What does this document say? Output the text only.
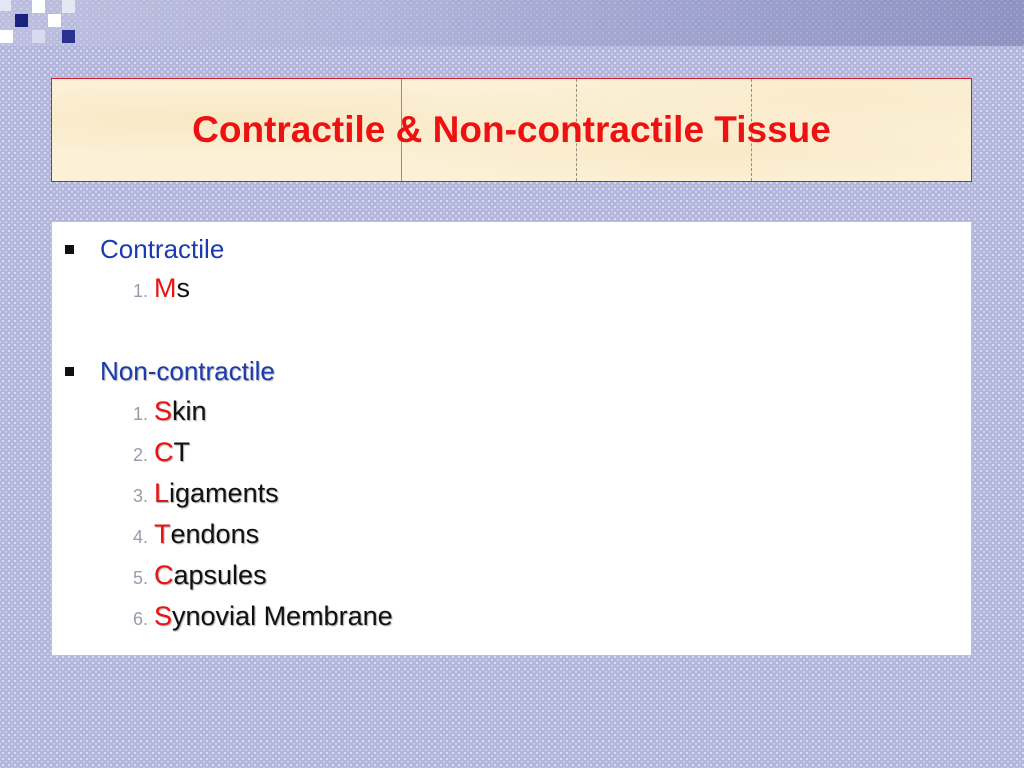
Contractile & Non-contractile Tissue
Contractile
1. M s
Non-contractile
1. S kin
2. C T
3. L igaments
4. T endons
5. C apsules
6. S ynovial Membrane
